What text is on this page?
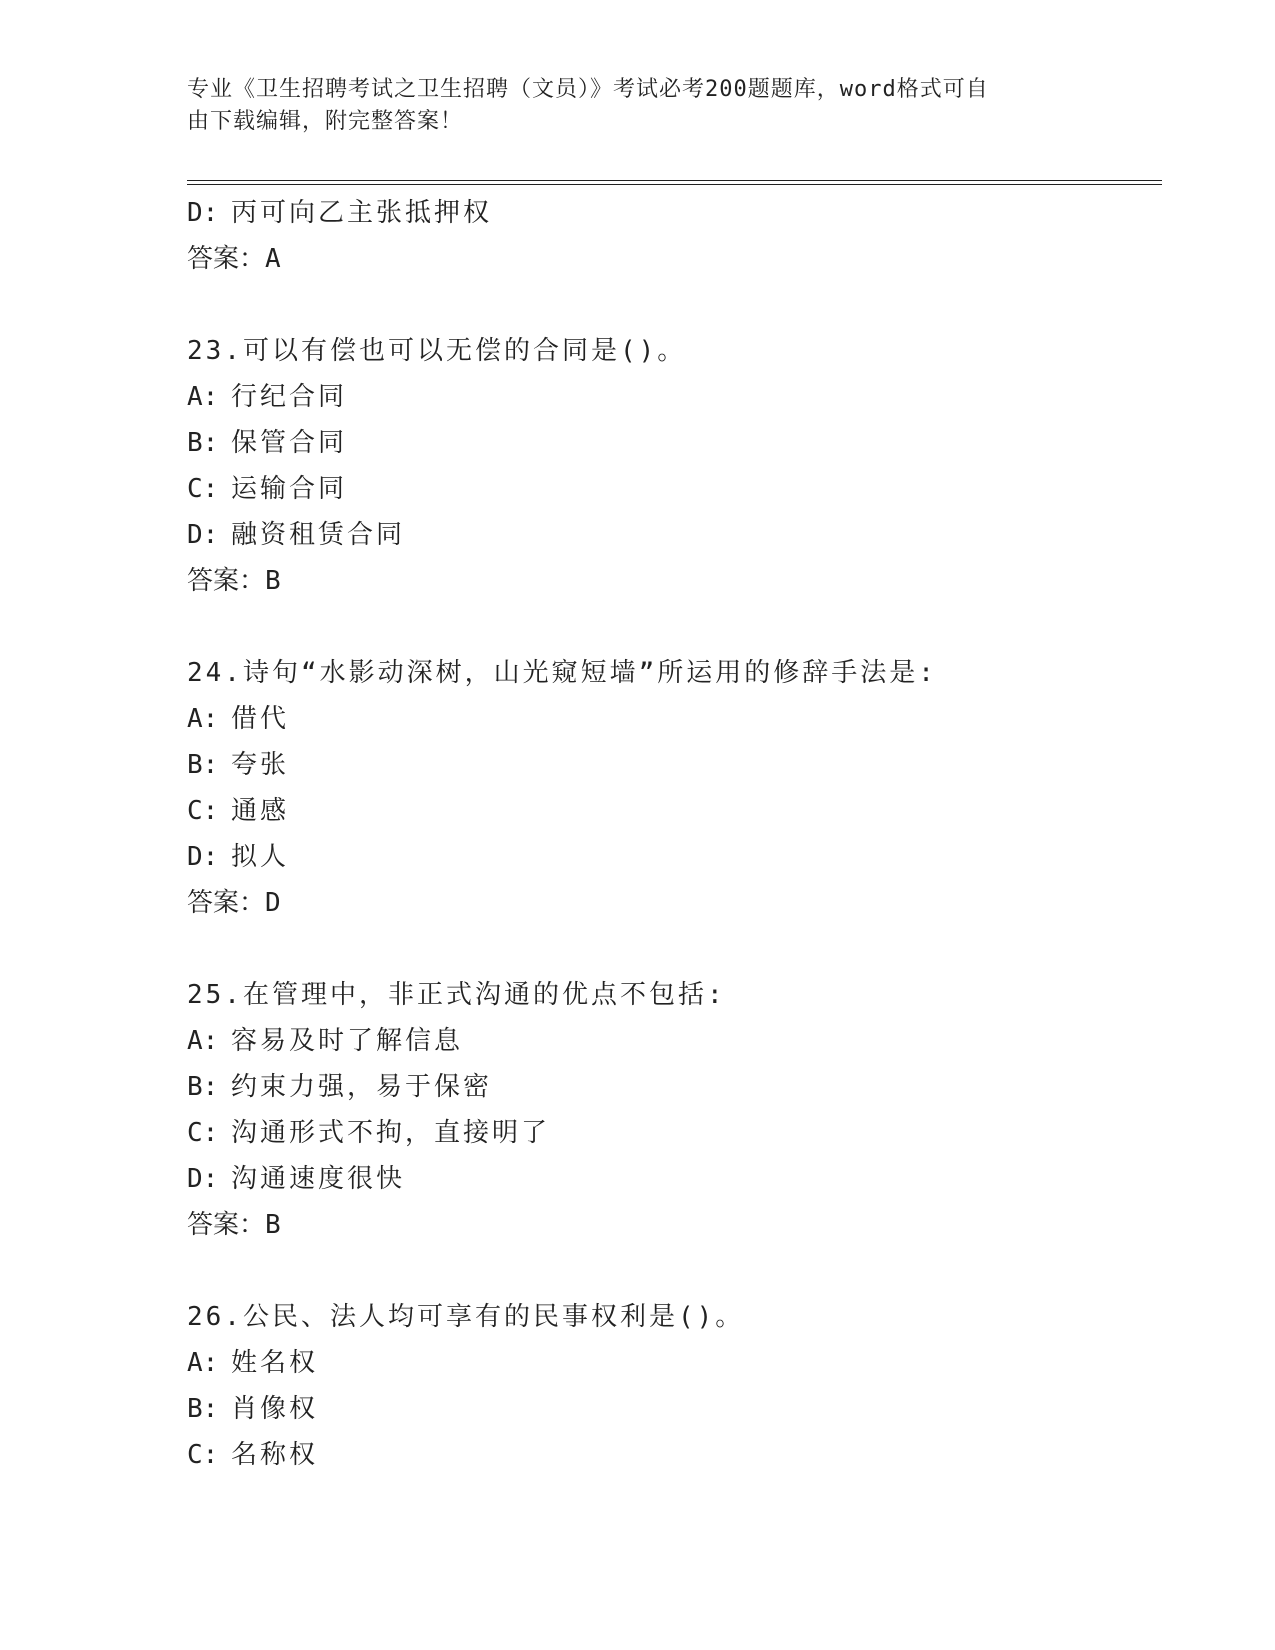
专业《卫生招聘考试之卫生招聘（文员）》考试必考200题题库，word格式可自
由下载编辑，附完整答案！
D: 丙可向乙主张抵押权
答案：A
23.可以有偿也可以无偿的合同是()。
A: 行纪合同
B: 保管合同
C: 运输合同
D: 融资租赁合同
答案：B
24.诗句“水影动深树，山光窥短墙”所运用的修辞手法是:
A: 借代
B: 夸张
C: 通感
D: 拟人
答案：D
25.在管理中，非正式沟通的优点不包括:
A: 容易及时了解信息
B: 约束力强，易于保密
C: 沟通形式不拘，直接明了
D: 沟通速度很快
答案：B
26.公民、法人均可享有的民事权利是()。
A: 姓名权
B: 肖像权
C: 名称权
